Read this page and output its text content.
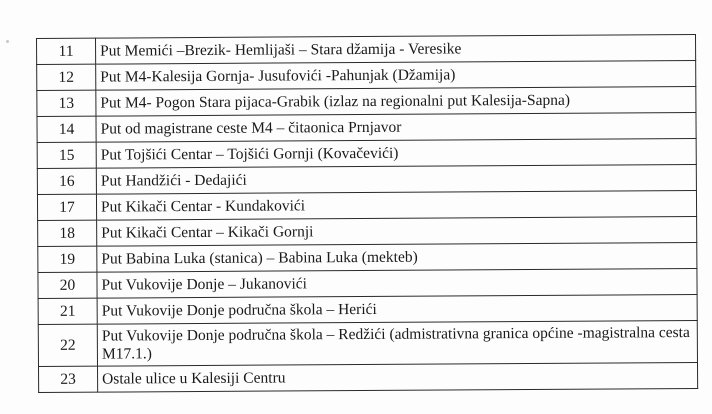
11	Put Memići –Brezik- Hemlijaši – Stara džamija - Veresike
12	Put M4-Kalesija Gornja- Jusufovići -Pahunjak (Džamija)
13	Put M4- Pogon Stara pijaca-Grabik (izlaz na regionalni put Kalesija-Sapna)
14	Put od magistrane ceste M4 – čitaonica Prnjavor
15	Put Tojšići Centar – Tojšići Gornji (Kovačevići)
16	Put Handžići - Dedajići
17	Put Kikači Centar - Kundakovići
18	Put Kikači Centar – Kikači Gornji
19	Put Babina Luka (stanica) – Babina Luka (mekteb)
20	Put Vukovije Donje – Jukanovići
21	Put Vukovije Donje područna škola – Herići
22	Put Vukovije Donje područna škola – Redžići (admistrativna granica općine -magistralna cesta M17.1.)
23	Ostale ulice u Kalesiji Centru
